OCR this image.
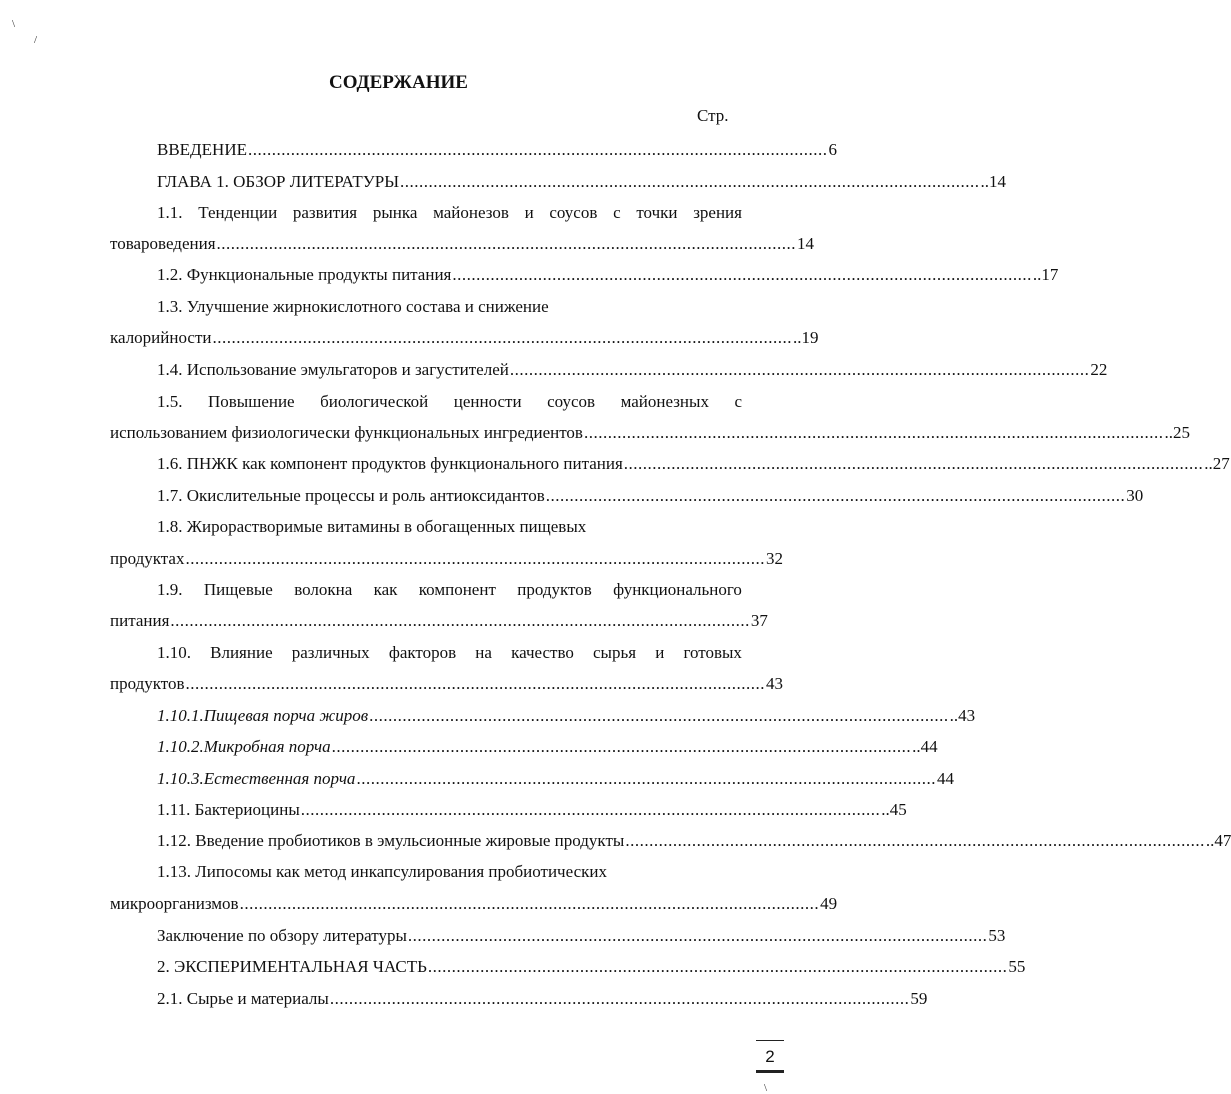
\
/
СОДЕРЖАНИЕ
Стр.
ВВЕДЕНИЕ .......................................................................................................................... 6
ГЛАВА 1. ОБЗОР ЛИТЕРАТУРЫ .......................................................................................................................... ..14
1.1. Тенденции развития рынка майонезов и соусов с точки зрения
товароведения .......................................................................................................................... 14
1.2. Функциональные продукты питания .......................................................................................................................... ..17
1.3. Улучшение жирнокислотного состава и снижение
калорийности .......................................................................................................................... ..19
1.4. Использование эмульгаторов и загустителей .......................................................................................................................... 22
1.5. Повышение биологической ценности соусов майонезных с
использованием физиологически функциональных ингредиентов .......................................................................................................................... ..25
1.6. ПНЖК как компонент продуктов функционального питания .......................................................................................................................... ..27
1.7. Окислительные процессы и роль антиоксидантов .......................................................................................................................... 30
1.8. Жирорастворимые витамины в обогащенных пищевых
продуктах .......................................................................................................................... 32
1.9. Пищевые волокна как компонент продуктов функционального
питания .......................................................................................................................... 37
1.10. Влияние различных факторов на качество сырья и готовых
продуктов .......................................................................................................................... 43
1.10.1.Пищевая порча жиров .......................................................................................................................... ..43
1.10.2.Микробная порча .......................................................................................................................... ..44
1.10.3.Естественная порча .......................................................................................................................... 44
1.11. Бактериоцины .......................................................................................................................... ..45
1.12. Введение пробиотиков в эмульсионные жировые продукты .......................................................................................................................... ..47
1.13. Липосомы как метод инкапсулирования пробиотических
микроорганизмов .......................................................................................................................... 49
Заключение по обзору литературы .......................................................................................................................... 53
2. ЭКСПЕРИМЕНТАЛЬНАЯ ЧАСТЬ .......................................................................................................................... 55
2.1. Сырье и материалы .......................................................................................................................... 59
2
\
